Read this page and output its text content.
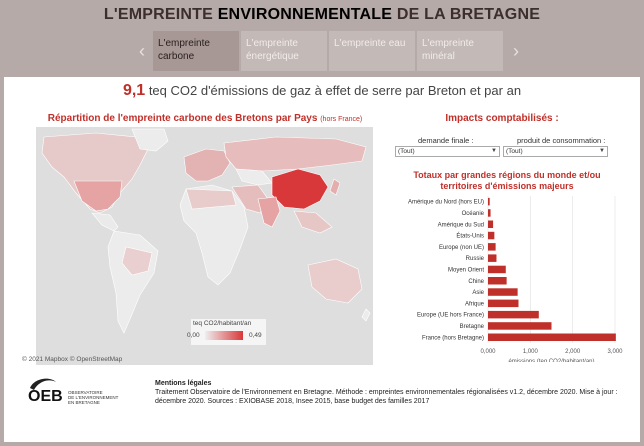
L'EMPREINTE ENVIRONNEMENTALE DE LA BRETAGNE
‹	L'empreinte
carbone
L'empreinte
énergétique
L'empreinte eau	L'empreinte
minéral	›
9,1 teq CO2 d'émissions de gaz à effet de serre par Breton et par an
Répartition de l'empreinte carbone des Bretons par Pays (hors France)
teq CO2/habitant/an
0,00	0,49
© 2021 Mapbox © OpenStreetMap
Impacts comptabilisés :
demande finale :
(Tout)	▼
produit de consommation :
(Tout)	▼
Totaux par grandes régions du monde et/ou territoires d'émissions majeurs
0,000	1,000	2,000	3,000
Amérique du Nord (hors EU)
Océanie
Amérique du Sud
États-Unis
Europe (non UE)
Russie
Moyen Orient
Chine
Asie
Afrique
Europe (UE hors France)
Bretagne
France (hors Bretagne)
émissions (teq CO2/habitant/an)
OEB OBSERVATOIRE
DE L'ENVIRONNEMENT
EN BRETAGNE
Mentions légales
Traitement Observatoire de l'Environnement en Bretagne. Méthode : empreintes environnementales régionalisées v1.2, décembre 2020. Mise à jour : décembre 2020. Sources : EXIOBASE 2018, Insee 2015, base budget des familles 2017
